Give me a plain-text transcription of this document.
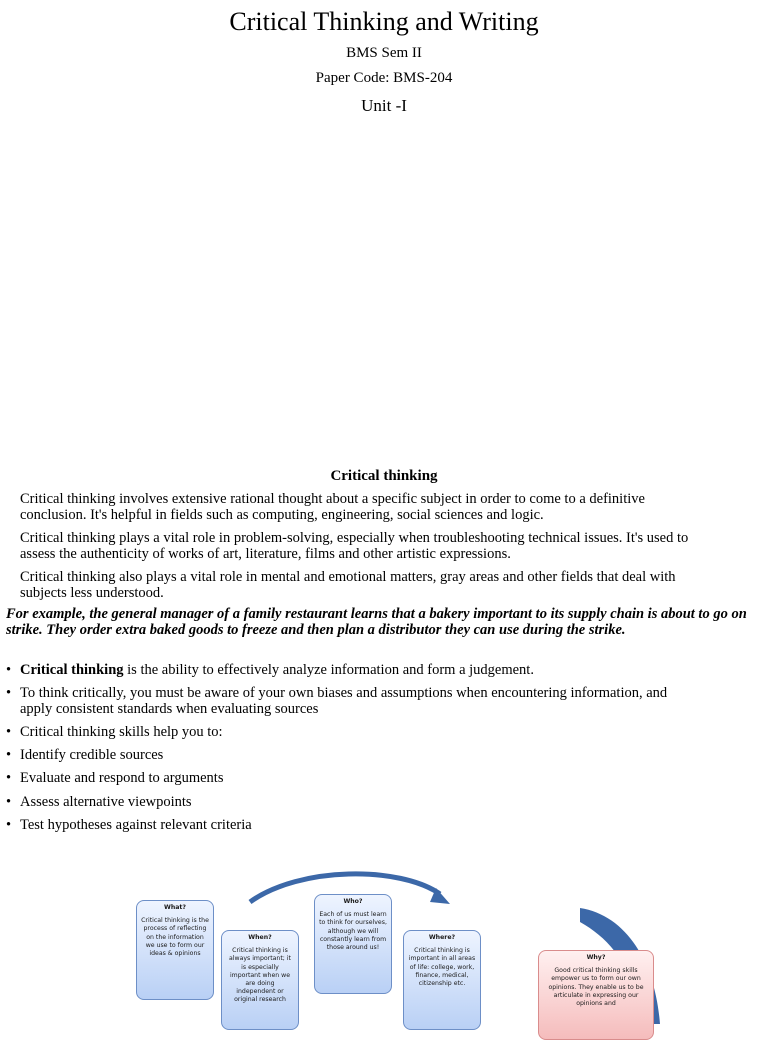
Critical Thinking and Writing
BMS Sem II
Paper Code: BMS-204
Unit -I
Critical thinking
Critical thinking involves extensive rational thought about a specific subject in order to come to a definitive
conclusion. It's helpful in fields such as computing, engineering, social sciences and logic.
Critical thinking plays a vital role in problem-solving, especially when troubleshooting technical issues. It's used to
assess the authenticity of works of art, literature, films and other artistic expressions.
Critical thinking also plays a vital role in mental and emotional matters, gray areas and other fields that deal with
subjects less understood.
For example, the general manager of a family restaurant learns that a bakery important to its supply chain is about to go on strike. They order extra baked goods to freeze and then plan a distributor they can use during the strike.
• Critical thinking is the ability to effectively analyze information and form a judgement.
• To think critically, you must be aware of your own biases and assumptions when encountering information, and
apply consistent standards when evaluating sources
• Critical thinking skills help you to:
• Identify credible sources
• Evaluate and respond to arguments
• Assess alternative viewpoints
• Test hypotheses against relevant criteria
What?
Critical thinking is the process of reflecting on the information we use to form our ideas & opinions
When?
Critical thinking is always important; it is especially important when we are doing independent or original research
Who?
Each of us must learn to think for ourselves, although we will constantly learn from those around us!
Where?
Critical thinking is important in all areas of life: college, work, finance, medical, citizenship etc.
Why?
Good critical thinking skills empower us to form our own opinions. They enable us to be articulate in expressing our opinions and
